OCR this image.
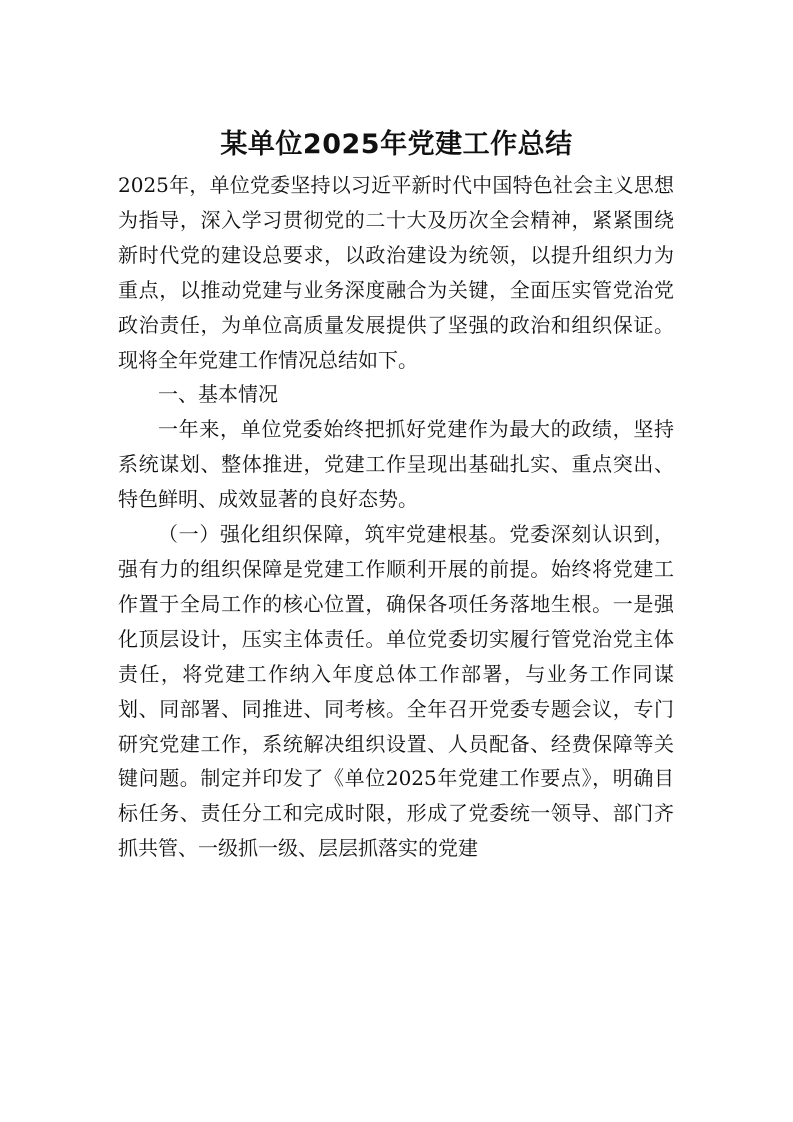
某单位2025年党建工作总结

2025年，单位党委坚持以习近平新时代中国特色社会主义思想为指导，深入学习贯彻党的二十大及历次全会精神，紧紧围绕新时代党的建设总要求，以政治建设为统领，以提升组织力为重点，以推动党建与业务深度融合为关键，全面压实管党治党政治责任，为单位高质量发展提供了坚强的政治和组织保证。现将全年党建工作情况总结如下。

一、基本情况

一年来，单位党委始终把抓好党建作为最大的政绩，坚持系统谋划、整体推进，党建工作呈现出基础扎实、重点突出、特色鲜明、成效显著的良好态势。

（一）强化组织保障，筑牢党建根基。党委深刻认识到，强有力的组织保障是党建工作顺利开展的前提。始终将党建工作置于全局工作的核心位置，确保各项任务落地生根。一是强化顶层设计，压实主体责任。单位党委切实履行管党治党主体责任，将党建工作纳入年度总体工作部署，与业务工作同谋划、同部署、同推进、同考核。全年召开党委专题会议，专门研究党建工作，系统解决组织设置、人员配备、经费保障等关键问题。制定并印发了《单位2025年党建工作要点》，明确目标任务、责任分工和完成时限，形成了党委统一领导、部门齐抓共管、一级抓一级、层层抓落实的党建
